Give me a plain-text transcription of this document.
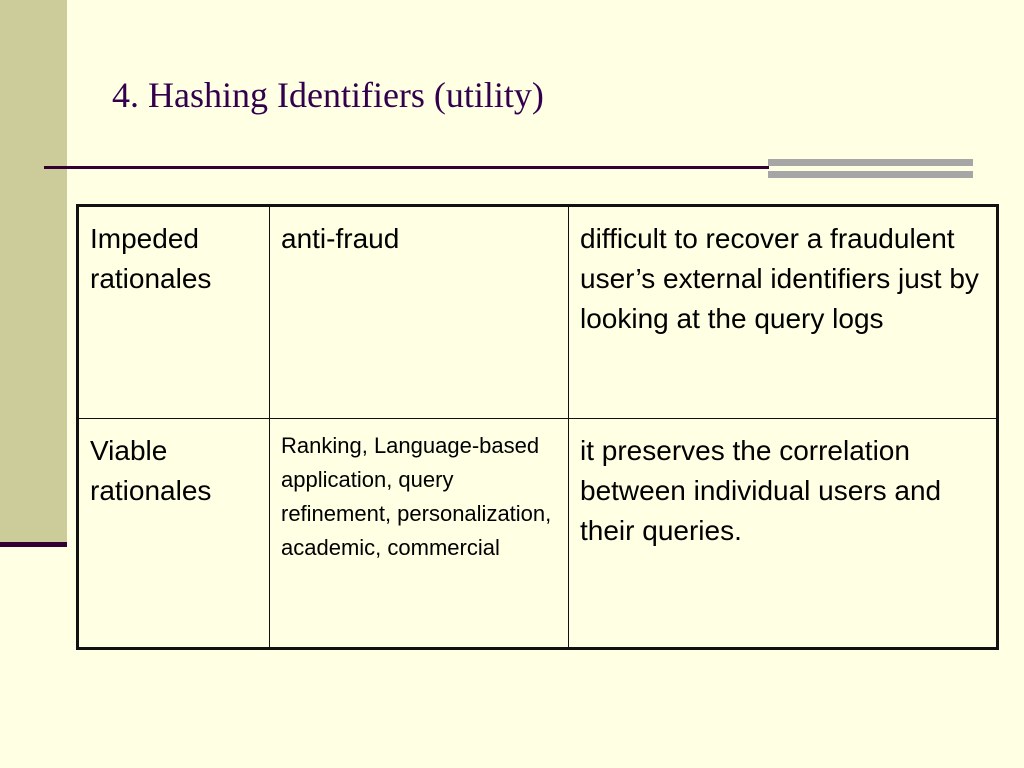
4. Hashing Identifiers (utility)
Impeded rationales	anti-fraud	difficult to recover a fraudulent user’s external identifiers just by looking at the query logs
Viable rationales	Ranking, Language-based application, query refinement, personalization, academic, commercial	it preserves the correlation between individual users and their queries.
